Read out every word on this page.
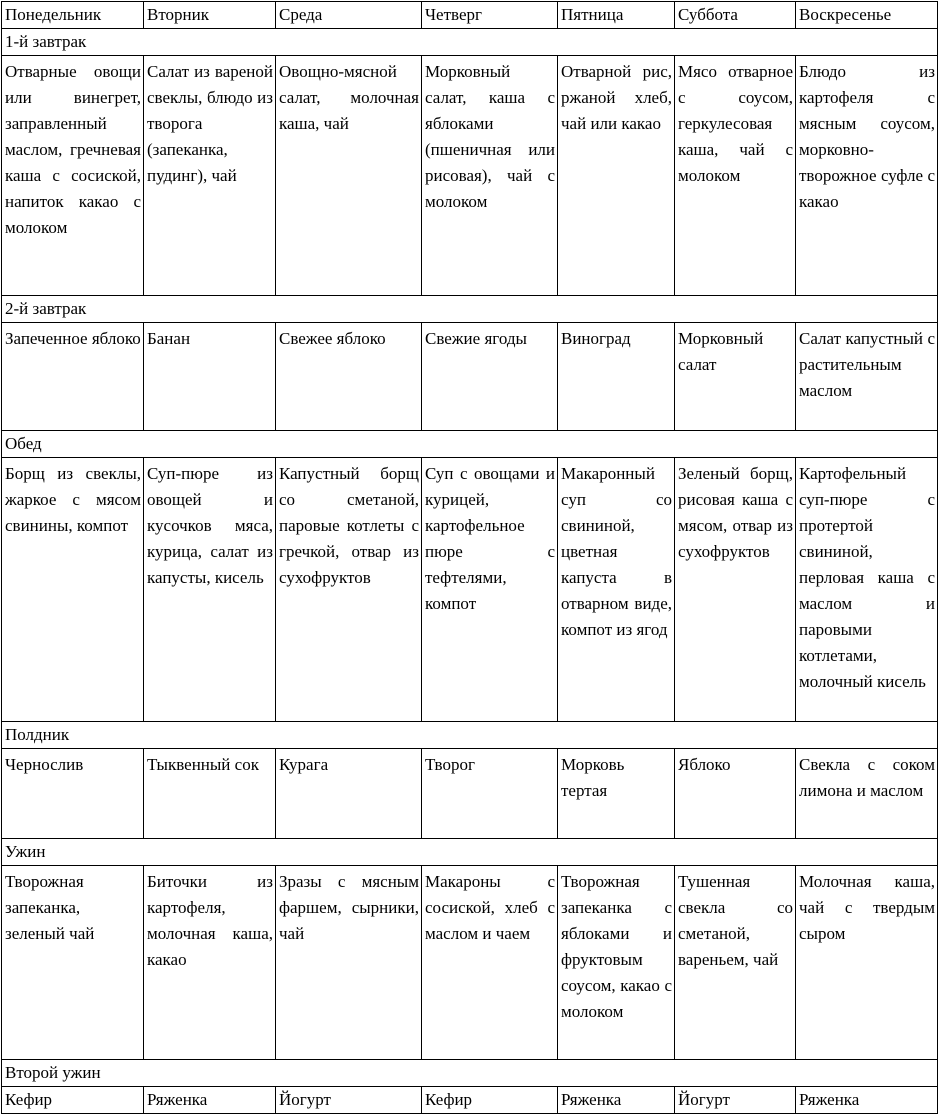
Понедельник	Вторник	Среда	Четверг	Пятница	Суббота	Воскресенье
1-й завтрак						
Отварные овощи или винегрет, заправленный маслом, гречневая каша с сосиской, напиток какао с молоком	Салат из вареной свеклы, блюдо из творога (запеканка, пудинг), чай	Овощно-мясной салат, молочная каша, чай	Морковный салат, каша с яблоками (пшеничная или рисовая), чай с молоком	Отварной рис, ржаной хлеб, чай или какао	Мясо отварное с соусом, геркулесовая каша, чай с молоком	Блюдо из картофеля с мясным соусом, морковно-творожное суфле с какао
2-й завтрак						
Запеченное яблоко	Банан	Свежее яблоко	Свежие ягоды	Виноград	Морковный салат	Салат капустный с растительным маслом
Обед						
Борщ из свеклы, жаркое с мясом свинины, компот	Суп-пюре из овощей и кусочков мяса, курица, салат из капусты, кисель	Капустный борщ со сметаной, паровые котлеты с гречкой, отвар из сухофруктов	Суп с овощами и курицей, картофельное пюре с тефтелями, компот	Макаронный суп со свининой, цветная капуста в отварном виде, компот из ягод	Зеленый борщ, рисовая каша с мясом, отвар из сухофруктов	Картофельный суп-пюре с протертой свининой, перловая каша с маслом и паровыми котлетами, молочный кисель
Полдник						
Чернослив	Тыквенный сок	Курага	Творог	Морковь тертая	Яблоко	Свекла с соком лимона и маслом
Ужин						
Творожная запеканка, зеленый чай	Биточки из картофеля, молочная каша, какао	Зразы с мясным фаршем, сырники, чай	Макароны с сосиской, хлеб с маслом и чаем	Творожная запеканка с яблоками и фруктовым соусом, какао с молоком	Тушенная свекла со сметаной, вареньем, чай	Молочная каша, чай с твердым сыром
Второй ужин						
Кефир	Ряженка	Йогурт	Кефир	Ряженка	Йогурт	Ряженка
